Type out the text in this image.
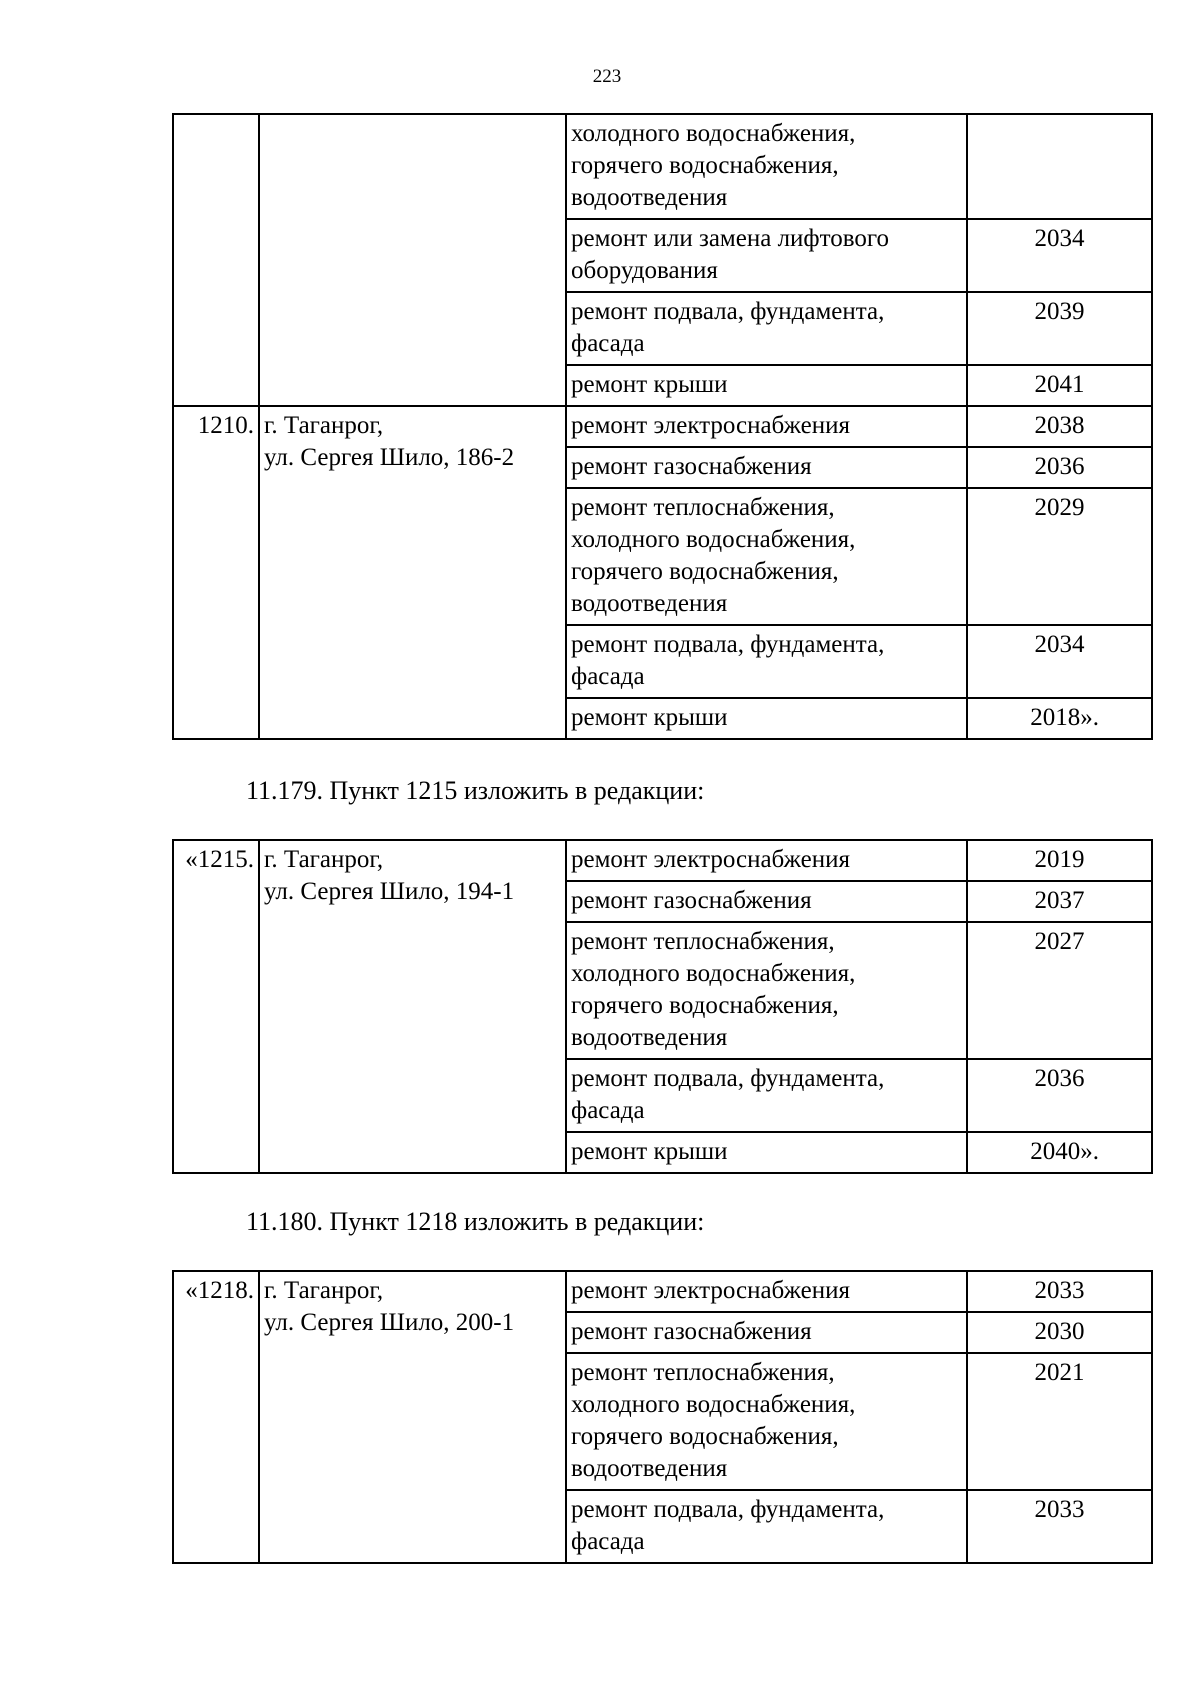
223
		холодного водоснабжения,
горячего водоснабжения,
водоотведения	
		ремонт или замена лифтового
оборудования	2034
		ремонт подвала, фундамента,
фасада	2039
		ремонт крыши	2041
1210.	г. Таганрог,
ул. Сергея Шило, 186-2	ремонт электроснабжения	2038
		ремонт газоснабжения	2036
		ремонт теплоснабжения,
холодного водоснабжения,
горячего водоснабжения,
водоотведения	2029
		ремонт подвала, фундамента,
фасада	2034
		ремонт крыши	2018».
11.179. Пункт 1215 изложить в редакции:
«1215.	г. Таганрог,
ул. Сергея Шило, 194-1	ремонт электроснабжения	2019
		ремонт газоснабжения	2037
		ремонт теплоснабжения,
холодного водоснабжения,
горячего водоснабжения,
водоотведения	2027
		ремонт подвала, фундамента,
фасада	2036
		ремонт крыши	2040».
11.180. Пункт 1218 изложить в редакции:
«1218.	г. Таганрог,
ул. Сергея Шило, 200-1	ремонт электроснабжения	2033
		ремонт газоснабжения	2030
		ремонт теплоснабжения,
холодного водоснабжения,
горячего водоснабжения,
водоотведения	2021
		ремонт подвала, фундамента,
фасада	2033
